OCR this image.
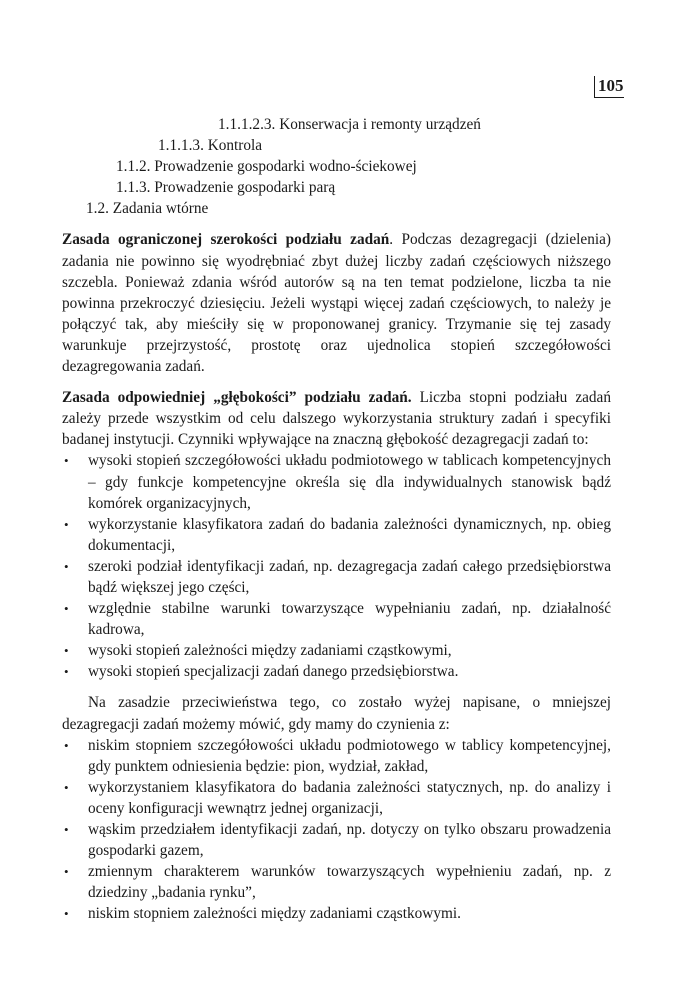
105

1.1.1.2.3. Konserwacja i remonty urządzeń

1.1.1.3. Kontrola

1.1.2. Prowadzenie gospodarki wodno-ściekowej

1.1.3. Prowadzenie gospodarki parą

1.2. Zadania wtórne

Zasada ograniczonej szerokości podziału zadań. Podczas dezagregacji (dzielenia) zadania nie powinno się wyodrębniać zbyt dużej liczby zadań częściowych niższego szczebla. Ponieważ zdania wśród autorów są na ten temat podzielone, liczba ta nie powinna przekroczyć dziesięciu. Jeżeli wystąpi więcej zadań częściowych, to należy je połączyć tak, aby mieściły się w proponowanej granicy. Trzymanie się tej zasady warunkuje przejrzystość, prostotę oraz ujednolica stopień szczegółowości dezagregowania zadań.

Zasada odpowiedniej „głębokości” podziału zadań. Liczba stopni podziału zadań zależy przede wszystkim od celu dalszego wykorzystania struktury zadań i specyfiki badanej instytucji. Czynniki wpływające na znaczną głębokość dezagregacji zadań to:

• wysoki stopień szczegółowości układu podmiotowego w tablicach kompetencyjnych – gdy funkcje kompetencyjne określa się dla indywidualnych stanowisk bądź komórek organizacyjnych,
• wykorzystanie klasyfikatora zadań do badania zależności dynamicznych, np. obieg dokumentacji,
• szeroki podział identyfikacji zadań, np. dezagregacja zadań całego przedsiębiorstwa bądź większej jego części,
• względnie stabilne warunki towarzyszące wypełnianiu zadań, np. działalność kadrowa,
• wysoki stopień zależności między zadaniami cząstkowymi,
• wysoki stopień specjalizacji zadań danego przedsiębiorstwa.

Na zasadzie przeciwieństwa tego, co zostało wyżej napisane, o mniejszej dezagregacji zadań możemy mówić, gdy mamy do czynienia z:

• niskim stopniem szczegółowości układu podmiotowego w tablicy kompetencyjnej, gdy punktem odniesienia będzie: pion, wydział, zakład,
• wykorzystaniem klasyfikatora do badania zależności statycznych, np. do analizy i oceny konfiguracji wewnątrz jednej organizacji,
• wąskim przedziałem identyfikacji zadań, np. dotyczy on tylko obszaru prowadzenia gospodarki gazem,
• zmiennym charakterem warunków towarzyszących wypełnieniu zadań, np. z dziedziny „badania rynku”,
• niskim stopniem zależności między zadaniami cząstkowymi.
